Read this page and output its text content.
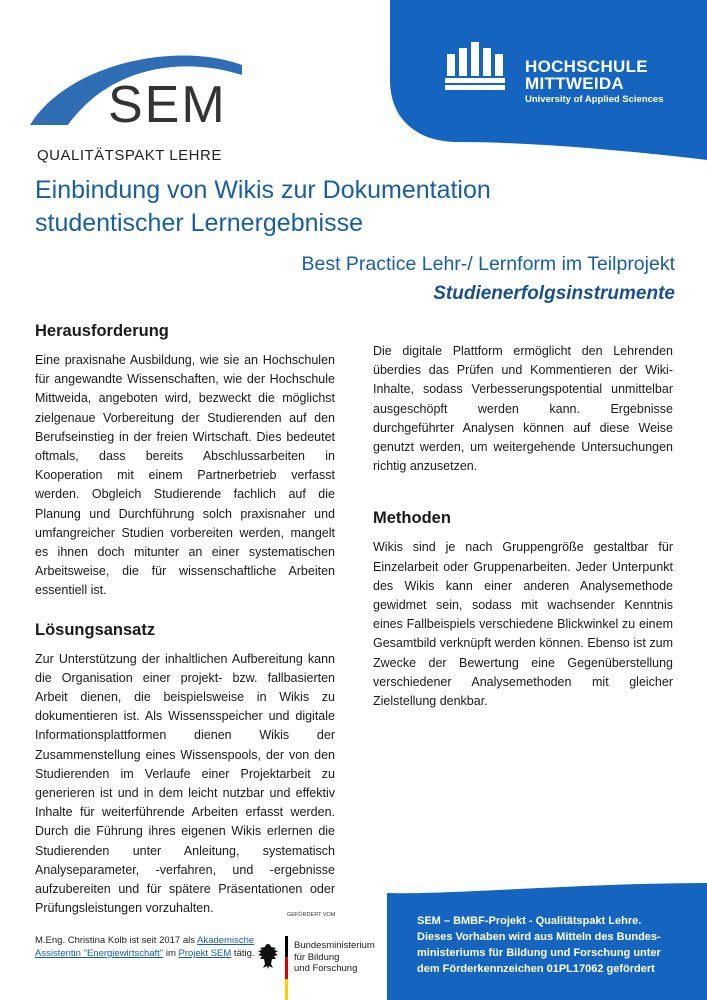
SEM
QUALITÄTSPAKT LEHRE
HOCHSCHULE
MITTWEIDA
University of Applied Sciences
Einbindung von Wikis zur Dokumentation
studentischer Lernergebnisse
Best Practice Lehr-/ Lernform im Teilprojekt
Studienerfolgsinstrumente
Herausforderung

Eine praxisnahe Ausbildung, wie sie an Hochschulen für angewandte Wissenschaften, wie der Hochschule Mittweida, angeboten wird, bezweckt die möglichst zielgenaue Vorbereitung der Studierenden auf den Berufseinstieg in der freien Wirtschaft. Dies bedeutet oftmals, dass bereits Abschlussarbeiten in Kooperation mit einem Partnerbetrieb verfasst werden. Obgleich Studierende fachlich auf die Planung und Durchführung solch praxisnaher und umfangreicher Studien vorbereiten werden, mangelt es ihnen doch mitunter an einer systematischen Arbeitsweise, die für wissenschaftliche Arbeiten essentiell ist.

Lösungsansatz

Zur Unterstützung der inhaltlichen Aufbereitung kann die Organisation einer projekt- bzw. fallbasierten Arbeit dienen, die beispielsweise in Wikis zu dokumentieren ist. Als Wissensspeicher und digitale Informationsplattformen dienen Wikis der Zusammenstellung eines Wissenspools, der von den Studierenden im Verlaufe einer Projektarbeit zu generieren ist und in dem leicht nutzbar und effektiv Inhalte für weiterführende Arbeiten erfasst werden. Durch die Führung ihres eigenen Wikis erlernen die Studierenden unter Anleitung, systematisch Analyseparameter, -verfahren, und -ergebnisse aufzubereiten und für spätere Präsentationen oder Prüfungsleistungen vorzuhalten.

Die digitale Plattform ermöglicht den Lehrenden überdies das Prüfen und Kommentieren der Wiki-Inhalte, sodass Verbesserungspotential unmittelbar ausgeschöpft werden kann. Ergebnisse durchgeführter Analysen können auf diese Weise genutzt werden, um weitergehende Untersuchungen richtig anzusetzen.

Methoden

Wikis sind je nach Gruppengröße gestaltbar für Einzelarbeit oder Gruppenarbeiten. Jeder Unterpunkt des Wikis kann einer anderen Analysemethode gewidmet sein, sodass mit wachsender Kenntnis eines Fallbeispiels verschiedene Blickwinkel zu einem Gesamtbild verknüpft werden können. Ebenso ist zum Zwecke der Bewertung eine Gegenüberstellung verschiedener Analysemethoden mit gleicher Zielstellung denkbar.

M.Eng. Christina Kolb ist seit 2017 als Akademische Assistentin "Energiewirtschaft" im Projekt SEM tätig.

GEFÖRDERT VOM
Bundesministerium
für Bildung
und Forschung
SEM – BMBF-Projekt - Qualitätspakt Lehre.
Dieses Vorhaben wird aus Mitteln des Bundes-
ministeriums für Bildung und Forschung unter
dem Förderkennzeichen 01PL17062 gefördert
